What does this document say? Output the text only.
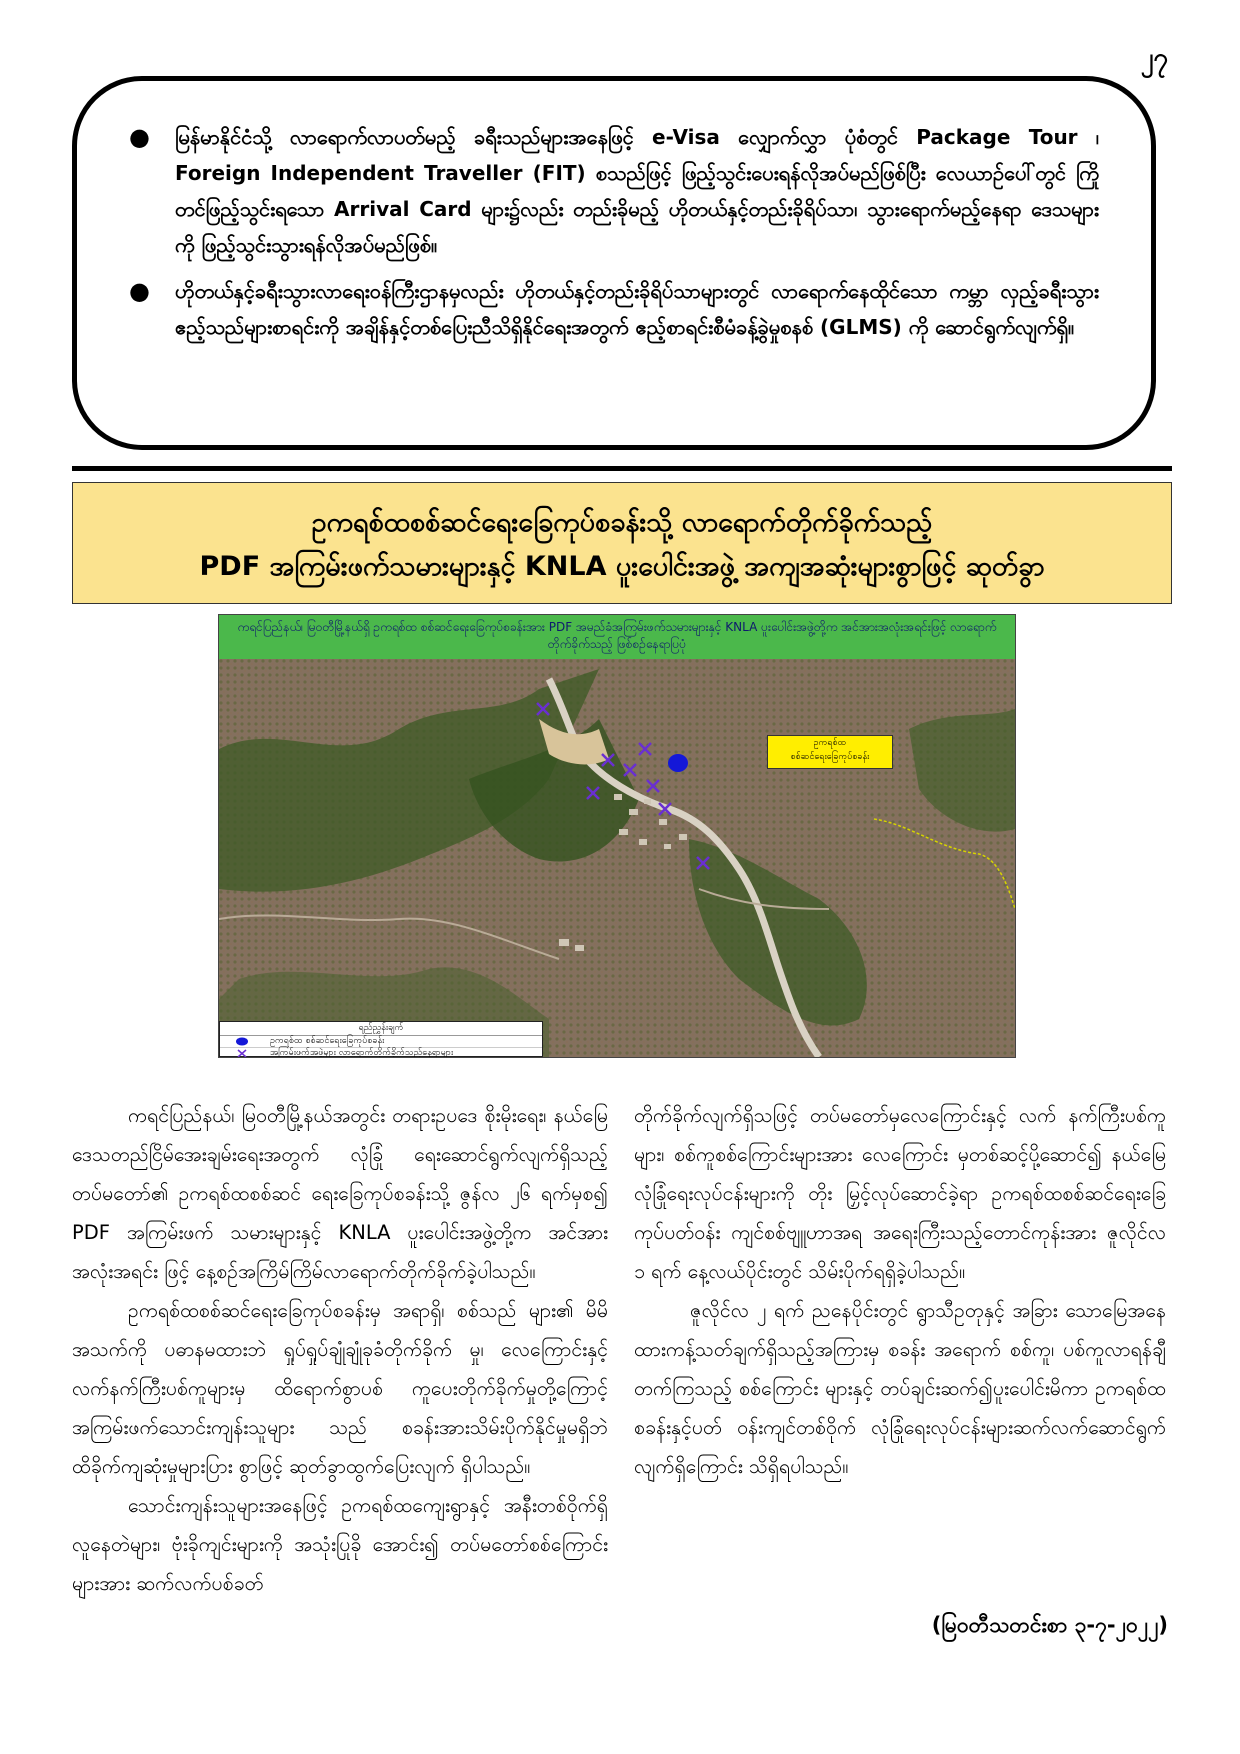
၂၇
● မြန်မာနိုင်ငံသို့ လာရောက်လာပတ်မည့် ခရီးသည်များအနေဖြင့် e-Visa လျှောက်လွှာ ပုံစံတွင် Package Tour ၊ Foreign Independent Traveller (FIT) စသည်ဖြင့် ဖြည့်သွင်းပေးရန်လိုအပ်မည်ဖြစ်ပြီး လေယာဉ်ပေါ်တွင် ကြို တင်ဖြည့်သွင်းရသော Arrival Card များ၌လည်း တည်းခိုမည့် ဟိုတယ်နှင့်တည်းခိုရိပ်သာ၊ သွားရောက်မည့်နေရာ ဒေသများကို ဖြည့်သွင်းသွားရန်လိုအပ်မည်ဖြစ်။
● ဟိုတယ်နှင့်ခရီးသွားလာရေးဝန်ကြီးဌာနမှလည်း ဟိုတယ်နှင့်တည်းခိုရိပ်သာများတွင် လာရောက်နေထိုင်သော ကမ္ဘာ လှည့်ခရီးသွားဧည့်သည်များစာရင်းကို အချိန်နှင့်တစ်ပြေးညီသိရှိနိုင်ရေးအတွက် ဧည့်စာရင်းစီမံခန့်ခွဲမှုစနစ် (GLMS) ကို ဆောင်ရွက်လျက်ရှိ။
ဥကရစ်ထစစ်ဆင်ရေးခြေကုပ်စခန်းသို့ လာရောက်တိုက်ခိုက်သည့်
PDF အကြမ်းဖက်သမားများနှင့် KNLA ပူးပေါင်းအဖွဲ့ အကျအဆုံးများစွာဖြင့် ဆုတ်ခွာ
ကရင်ပြည်နယ်၊ မြဝတီမြို့နယ်ရှိ ဥကရစ်ထ စစ်ဆင်ရေးခြေကုပ်စခန်းအား PDF အမည်ခံအကြမ်းဖက်သမားများနှင့် KNLA ပူးပေါင်းအဖွဲ့တို့က အင်အားအလုံးအရင်းဖြင့် လာရောက်တိုက်ခိုက်သည့် ဖြစ်စဉ်နေရာပြပုံ
ဥကရစ်ထ
စစ်ဆင်ရေးခြေကုပ်စခန်း
ရည်ညွှန်းချက်
ဥကရစ်ထ စစ်ဆင်ရေးခြေကုပ်စခန်း
အကြမ်းဖက်အဖွဲ့များ လာရောက်တိုက်ခိုက်သည့်နေရာများ

ကရင်ပြည်နယ်၊ မြဝတီမြို့နယ်အတွင်း တရားဥပဒေ စိုးမိုးရေး၊ နယ်မြေဒေသတည်ငြိမ်အေးချမ်းရေးအတွက် လုံခြုံ ရေးဆောင်ရွက်လျက်ရှိသည့် တပ်မတော်၏ ဥကရစ်ထစစ်ဆင် ရေးခြေကုပ်စခန်းသို့ ဇွန်လ ၂၆ ရက်မှစ၍ PDF အကြမ်းဖက် သမားများနှင့် KNLA ပူးပေါင်းအဖွဲ့တို့က အင်အားအလုံးအရင်း ဖြင့် နေ့စဉ်အကြိမ်ကြိမ်လာရောက်တိုက်ခိုက်ခဲ့ပါသည်။

ဥကရစ်ထစစ်ဆင်ရေးခြေကုပ်စခန်းမှ အရာရှိ၊ စစ်သည် များ၏ မိမိအသက်ကို ပဓာနမထားဘဲ ရှုပ်ရှုပ်ချုံချုံခုခံတိုက်ခိုက် မှု၊ လေကြောင်းနှင့် လက်နက်ကြီးပစ်ကူများမှ ထိရောက်စွာပစ် ကူပေးတိုက်ခိုက်မှုတို့ကြောင့် အကြမ်းဖက်သောင်းကျန်းသူများ သည် စခန်းအားသိမ်းပိုက်နိုင်မှုမရှိဘဲ ထိခိုက်ကျဆုံးမှုများပြား စွာဖြင့် ဆုတ်ခွာထွက်ပြေးလျက် ရှိပါသည်။

သောင်းကျန်းသူများအနေဖြင့် ဥကရစ်ထကျေးရွာနှင့် အနီးတစ်ဝိုက်ရှိ လူနေတဲများ၊ ဗုံးခိုကျင်းများကို အသုံးပြုခို အောင်း၍ တပ်မတော်စစ်ကြောင်းများအား ဆက်လက်ပစ်ခတ်

တိုက်ခိုက်လျက်ရှိသဖြင့် တပ်မတော်မှလေကြောင်းနှင့် လက် နက်ကြီးပစ်ကူများ၊ စစ်ကူစစ်ကြောင်းများအား လေကြောင်း မှတစ်ဆင့်ပို့ဆောင်၍ နယ်မြေလုံခြုံရေးလုပ်ငန်းများကို တိုး မြှင့်လုပ်ဆောင်ခဲ့ရာ ဥကရစ်ထစစ်ဆင်ရေးခြေကုပ်ပတ်ဝန်း ကျင်စစ်ဗျူဟာအရ အရေးကြီးသည့်တောင်ကုန်းအား ဇူလိုင်လ ၁ ရက် နေ့လယ်ပိုင်းတွင် သိမ်းပိုက်ရရှိခဲ့ပါသည်။

ဇူလိုင်လ ၂ ရက် ညနေပိုင်းတွင် ရွာသီဥတုနှင့် အခြား သောမြေအနေထားကန့်သတ်ချက်ရှိသည့်အကြားမှ စခန်း အရောက် စစ်ကူ၊ ပစ်ကူလာရန်ချီတက်ကြသည့် စစ်ကြောင်း များနှင့် တပ်ချင်းဆက်၍ပူးပေါင်းမိကာ ဥကရစ်ထစခန်းနှင့်ပတ် ဝန်းကျင်တစ်ဝိုက် လုံခြုံရေးလုပ်ငန်းများဆက်လက်ဆောင်ရွက် လျက်ရှိကြောင်း သိရှိရပါသည်။

(မြဝတီသတင်းစာ ၃-၇-၂၀၂၂)
